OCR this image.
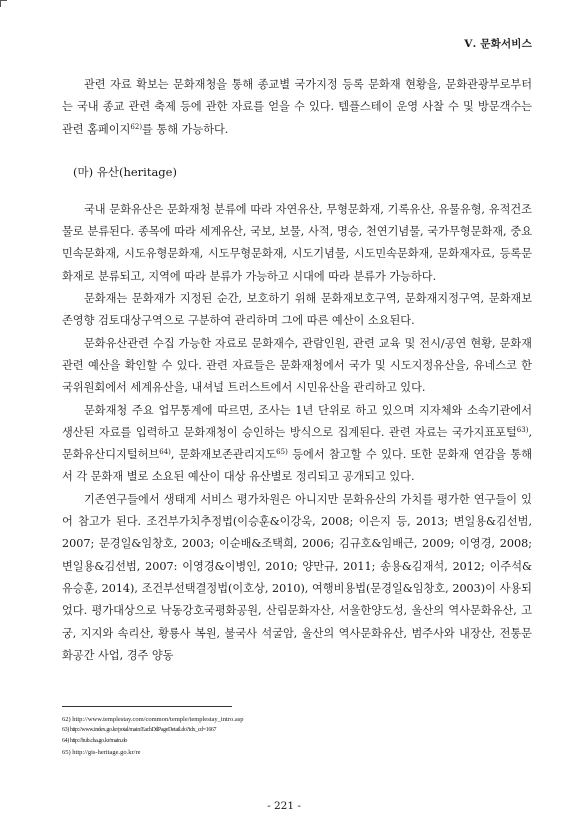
Ⅴ. 문화서비스

관련 자료 확보는 문화재청을 통해 종교별 국가지정 등록 문화재 현황을, 문화관광부로부터는 국내 종교 관련 축제 등에 관한 자료를 얻을 수 있다. 템플스테이 운영 사찰 수 및 방문객수는 관련 홈페이지$^{62)}$를 통해 가능하다.

(마) 유산(heritage)

국내 문화유산은 문화재청 분류에 따라 자연유산, 무형문화재, 기록유산, 유물유형, 유적건조물로 분류된다. 종목에 따라 세계유산, 국보, 보물, 사적, 명승, 천연기념물, 국가무형문화재, 중요민속문화재, 시도유형문화재, 시도무형문화재, 시도기념물, 시도민속문화재, 문화재자료, 등록문화재로 분류되고, 지역에 따라 분류가 가능하고 시대에 따라 분류가 가능하다.

문화재는 문화재가 지정된 순간, 보호하기 위해 문화재보호구역, 문화재지정구역, 문화재보존영향 검토대상구역으로 구분하여 관리하며 그에 따른 예산이 소요된다.

문화유산관련 수집 가능한 자료로 문화재수, 관람인원, 관련 교육 및 전시/공연 현황, 문화재 관련 예산을 확인할 수 있다. 관련 자료들은 문화재청에서 국가 및 시도지정유산을, 유네스코 한국위원회에서 세계유산을, 내셔널 트러스트에서 시민유산을 관리하고 있다.

문화재청 주요 업무통계에 따르면, 조사는 1년 단위로 하고 있으며 지자체와 소속기관에서 생산된 자료를 입력하고 문화재청이 승인하는 방식으로 집계된다. 관련 자료는 국가지표포털$^{63)}$, 문화유산디지털허브$^{64)}$, 문화재보존관리지도$^{65)}$ 등에서 참고할 수 있다. 또한 문화재 연감을 통해서 각 문화재 별로 소요된 예산이 대상 유산별로 정리되고 공개되고 있다.

기존연구들에서 생태계 서비스 평가차원은 아니지만 문화유산의 가치를 평가한 연구들이 있어 참고가 된다. 조건부가치추정법(이승훈&이강욱, 2008; 이은지 등, 2013; 변일용&김선범, 2007; 문경일&임창호, 2003; 이순배&조택희, 2006; 김규호&임배근, 2009; 이영경, 2008; 변일용&김선범, 2007: 이영경&이병인, 2010; 양만규, 2011; 송용&김재석, 2012; 이주석& 유승훈, 2014), 조건부선택결정법(이호상, 2010), 여행비용법(문경일&임창호, 2003)이 사용되었다. 평가대상으로 낙동강호국평화공원, 산림문화자산, 서울한양도성, 울산의 역사문화유산, 고궁, 지지와 속리산, 황룡사 복원, 불국사 석굴암, 울산의 역사문화유산, 범주사와 내장산, 전통문화공간 사업, 경주 양동

62) http://www.templestay.com/common/temple/templestay_intro.asp
63) http://www.index.go.kr/potal/main/EachDtlPageDetail.do?idx_cd=1667
64) http://hub.cha.go.kr/main.do
65) http://gis-heritage.go.kr/re
- 221 -
